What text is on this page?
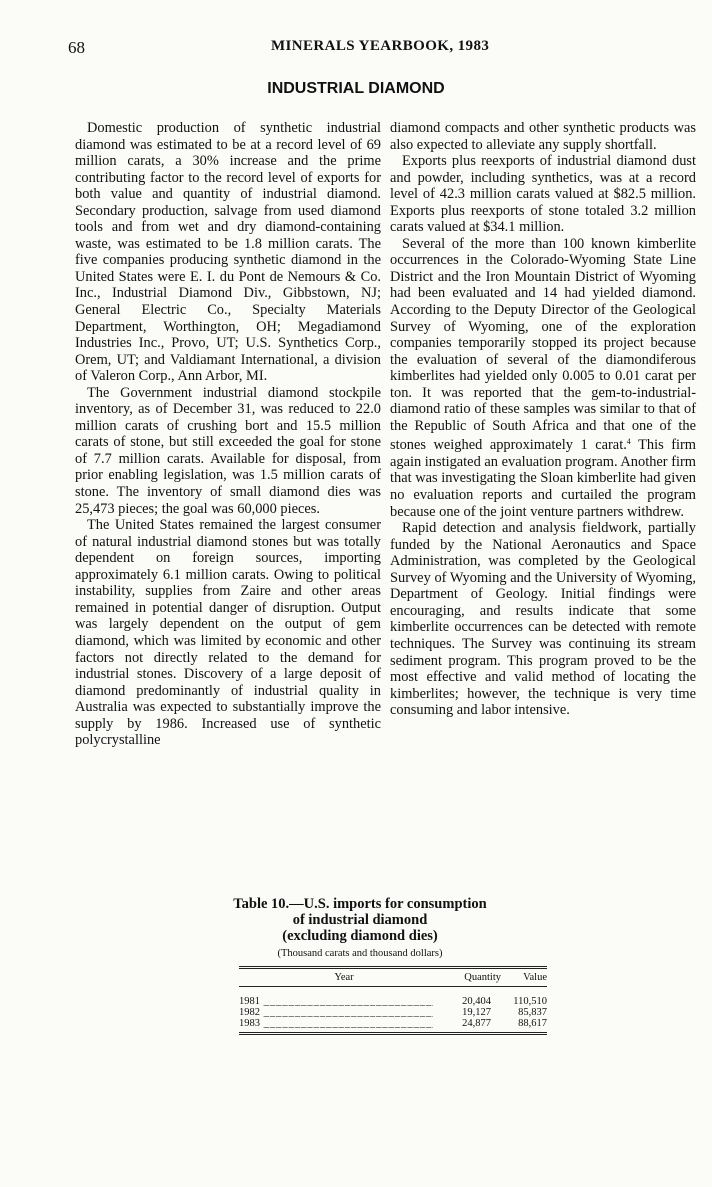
68	MINERALS YEARBOOK, 1983
INDUSTRIAL DIAMOND

Domestic production of synthetic industrial diamond was estimated to be at a record level of 69 million carats, a 30% increase and the prime contributing factor to the record level of exports for both value and quantity of industrial diamond. Secondary production, salvage from used diamond tools and from wet and dry diamond-containing waste, was estimated to be 1.8 million carats. The five companies producing synthetic diamond in the United States were E. I. du Pont de Nemours & Co. Inc., Industrial Diamond Div., Gibbstown, NJ; General Electric Co., Specialty Materials Department, Worthington, OH; Megadiamond Industries Inc., Provo, UT; U.S. Synthetics Corp., Orem, UT; and Valdiamant International, a division of Valeron Corp., Ann Arbor, MI.

The Government industrial diamond stockpile inventory, as of December 31, was reduced to 22.0 million carats of crushing bort and 15.5 million carats of stone, but still exceeded the goal for stone of 7.7 million carats. Available for disposal, from prior enabling legislation, was 1.5 million carats of stone. The inventory of small diamond dies was 25,473 pieces; the goal was 60,000 pieces.

The United States remained the largest consumer of natural industrial diamond stones but was totally dependent on foreign sources, importing approximately 6.1 million carats. Owing to political instability, supplies from Zaire and other areas remained in potential danger of disruption. Output was largely dependent on the output of gem diamond, which was limited by economic and other factors not directly related to the demand for industrial stones. Discovery of a large deposit of diamond predominantly of industrial quality in Australia was expected to substantially improve the supply by 1986. Increased use of synthetic polycrystalline

diamond compacts and other synthetic products was also expected to alleviate any supply shortfall.

Exports plus reexports of industrial diamond dust and powder, including synthetics, was at a record level of 42.3 million carats valued at $82.5 million. Exports plus reexports of stone totaled 3.2 million carats valued at $34.1 million.

Several of the more than 100 known kimberlite occurrences in the Colorado-Wyoming State Line District and the Iron Mountain District of Wyoming had been evaluated and 14 had yielded diamond. According to the Deputy Director of the Geological Survey of Wyoming, one of the exploration companies temporarily stopped its project because the evaluation of several of the diamondiferous kimberlites had yielded only 0.005 to 0.01 carat per ton. It was reported that the gem-to-industrial-diamond ratio of these samples was similar to that of the Republic of South Africa and that one of the stones weighed approximately 1 carat.$^4$ This firm again instigated an evaluation program. Another firm that was investigating the Sloan kimberlite had given no evaluation reports and curtailed the program because one of the joint venture partners withdrew.

Rapid detection and analysis fieldwork, partially funded by the National Aeronautics and Space Administration, was completed by the Geological Survey of Wyoming and the University of Wyoming, Department of Geology. Initial findings were encouraging, and results indicate that some kimberlite occurrences can be detected with remote techniques. The Survey was continuing its stream sediment program. This program proved to be the most effective and valid method of locating the kimberlites; however, the technique is very time consuming and labor intensive.

Table 10.—U.S. imports for consumption
of industrial diamond
(excluding diamond dies)
(Thousand carats and thousand dollars)
Year	Quantity	Value
1981 _____	20,404	110,510
1982 _____	19,127	85,837
1983 _____	24,877	88,617
